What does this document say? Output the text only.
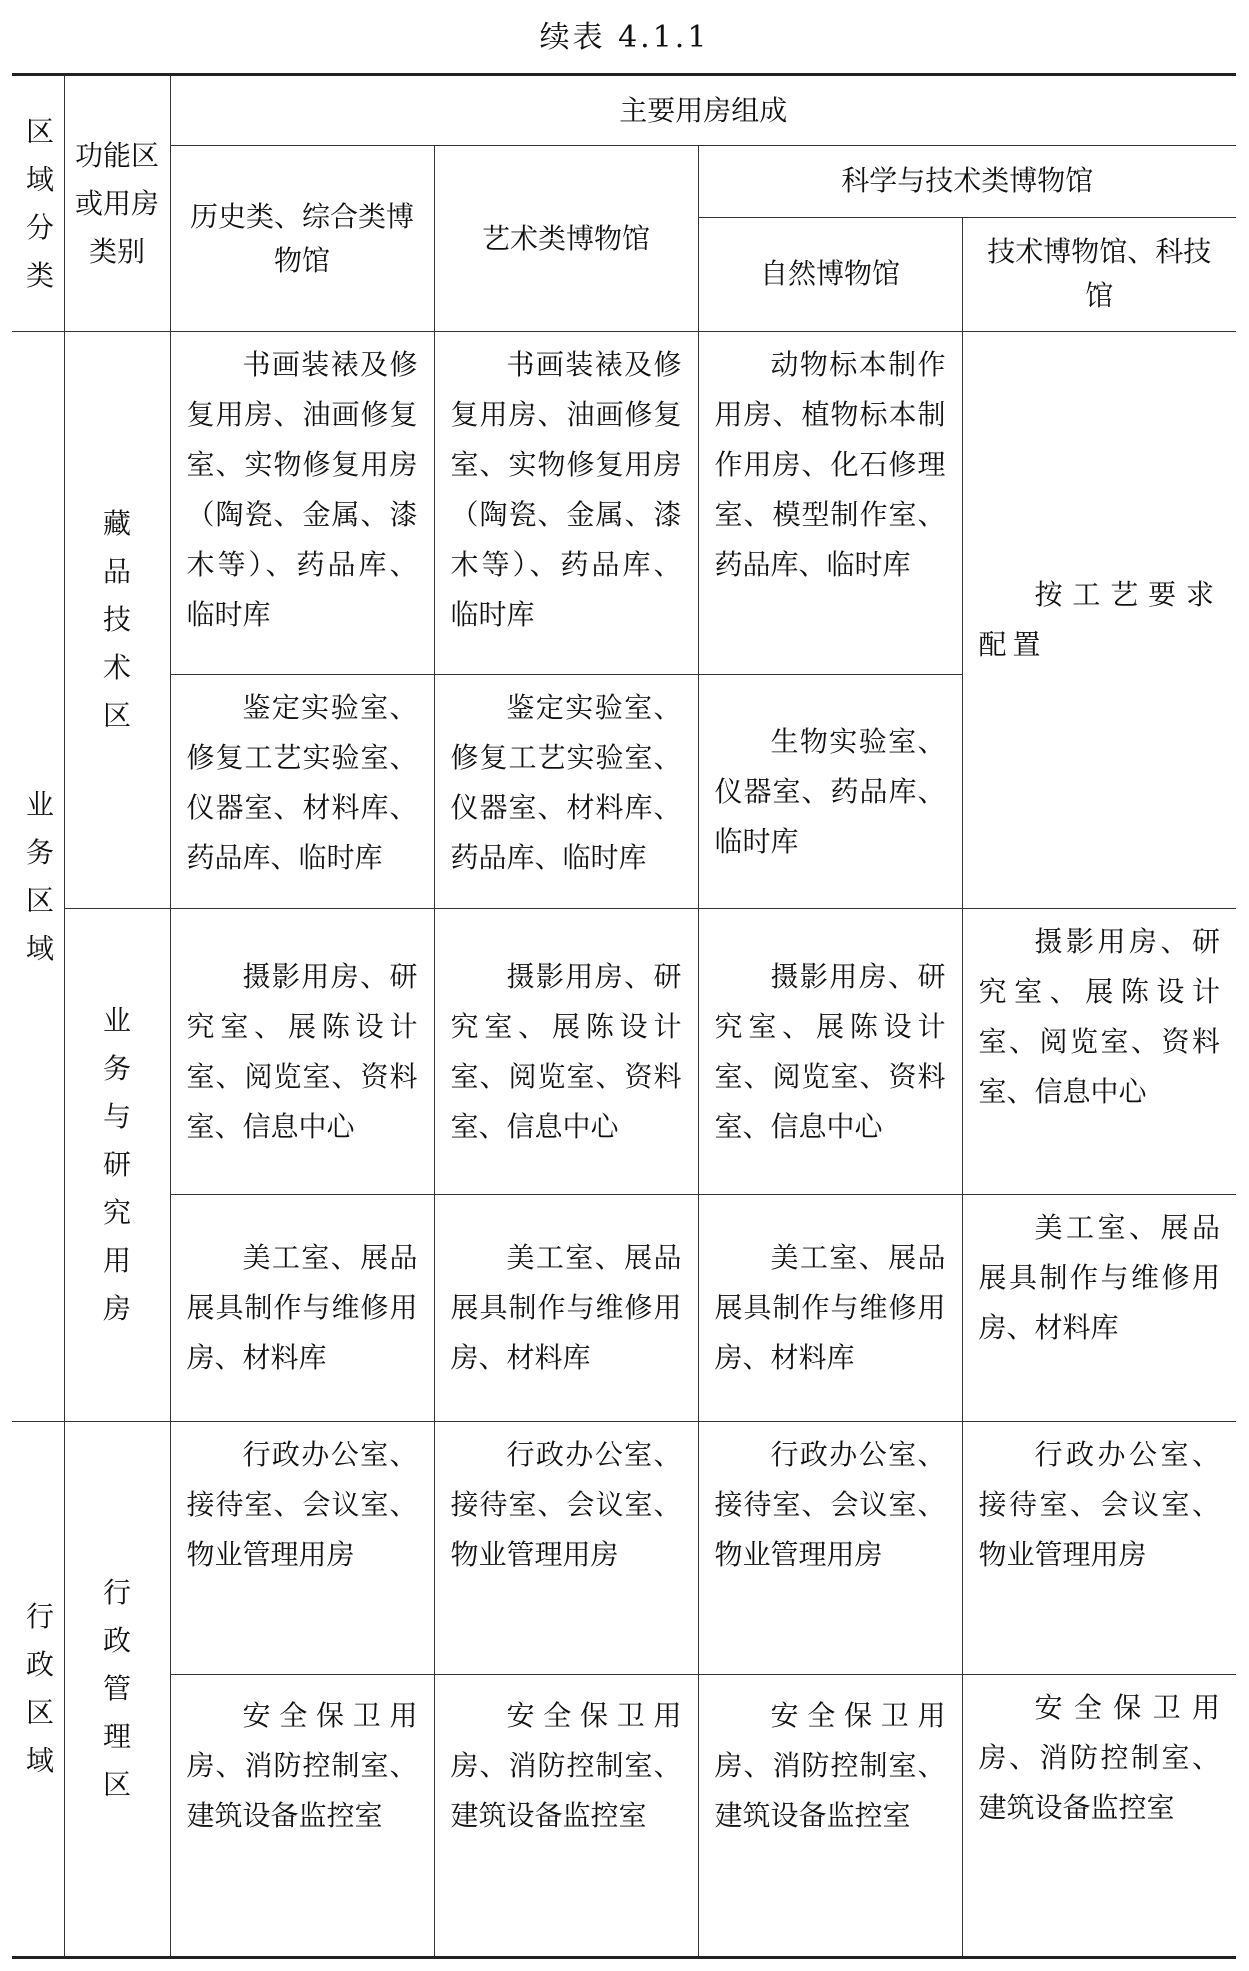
续表 4.1.1
区域分类	功能区或用房类别	主要用房组成			
		历史类、综合类博物馆	艺术类博物馆	科学与技术类博物馆	
				自然博物馆	技术博物馆、科技馆

业务区域	藏品技术区	书画装裱及修复用房、油画修复室、实物修复用房（陶瓷、金属、漆木等）、药品库、临时库	书画装裱及修复用房、油画修复室、实物修复用房（陶瓷、金属、漆木等）、药品库、临时库	动物标本制作用房、植物标本制作用房、化石修理室、模型制作室、药品库、临时库	按工艺要求配置
		鉴定实验室、修复工艺实验室、仪器室、材料库、药品库、临时库	鉴定实验室、修复工艺实验室、仪器室、材料库、药品库、临时库	生物实验室、仪器室、药品库、临时库	

	业务与研究用房	摄影用房、研究室、展陈设计室、阅览室、资料室、信息中心	摄影用房、研究室、展陈设计室、阅览室、资料室、信息中心	摄影用房、研究室、展陈设计室、阅览室、资料室、信息中心	摄影用房、研究室、展陈设计室、阅览室、资料室、信息中心
		美工室、展品展具制作与维修用房、材料库	美工室、展品展具制作与维修用房、材料库	美工室、展品展具制作与维修用房、材料库	美工室、展品展具制作与维修用房、材料库

行政区域	行政管理区	行政办公室、接待室、会议室、物业管理用房	行政办公室、接待室、会议室、物业管理用房	行政办公室、接待室、会议室、物业管理用房	行政办公室、接待室、会议室、物业管理用房
		安全保卫用房、消防控制室、建筑设备监控室	安全保卫用房、消防控制室、建筑设备监控室	安全保卫用房、消防控制室、建筑设备监控室	安全保卫用房、消防控制室、建筑设备监控室
